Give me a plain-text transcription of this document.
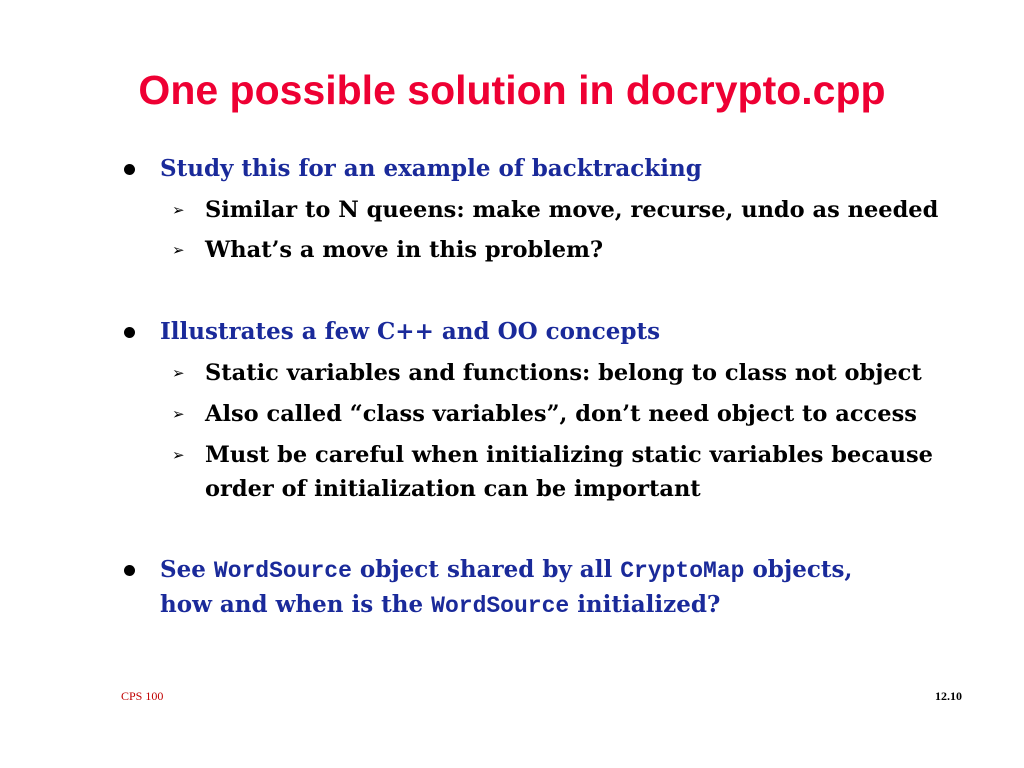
One possible solution in docrypto.cpp
Study this for an example of backtracking
➢ Similar to N queens: make move, recurse, undo as needed
➢ What’s a move in this problem?
Illustrates a few C++ and OO concepts
➢ Static variables and functions: belong to class not object
➢ Also called “class variables”, don’t need object to access
➢ Must be careful when initializing static variables because
order of initialization can be important
See WordSource object shared by all CryptoMap objects,
how and when is the WordSource initialized?
CPS 100	12.10
